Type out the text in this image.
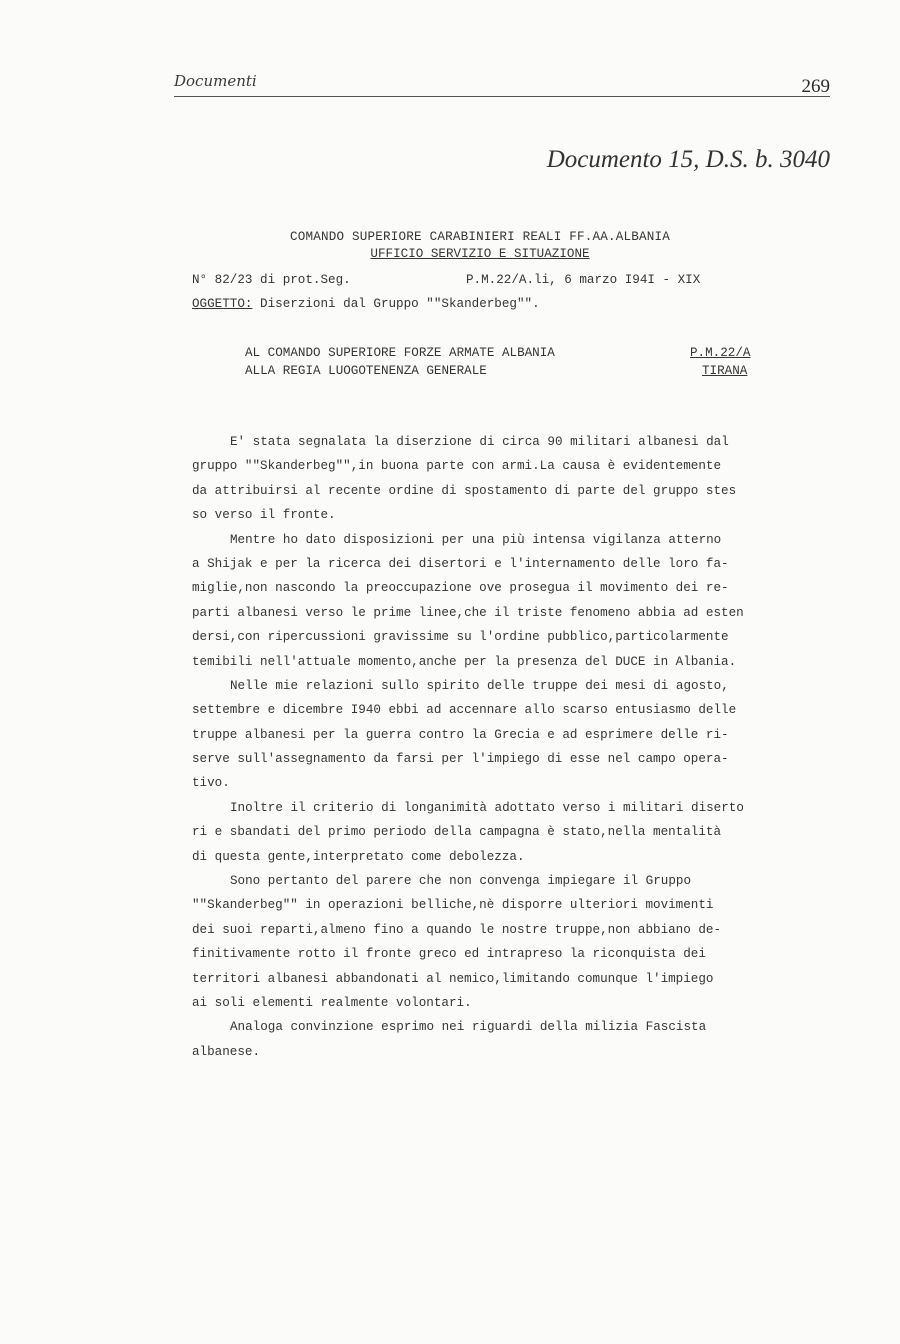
Documenti	269
Documento 15, D.S. b. 3040
COMANDO SUPERIORE CARABINIERI REALI FF.AA.ALBANIA
UFFICIO SERVIZIO E SITUAZIONE
N° 82/23 di prot.Seg.	P.M.22/A.li, 6 marzo I94I - XIX
OGGETTO: Diserzioni dal Gruppo ""Skanderbeg"".
AL COMANDO SUPERIORE FORZE ARMATE ALBANIA	P.M.22/A
ALLA REGIA LUOGOTENENZA GENERALE	TIRANA
E' stata segnalata la diserzione di circa 90 militari albanesi dal
gruppo ""Skanderbeg"",in buona parte con armi.La causa è evidentemente
da attribuirsi al recente ordine di spostamento di parte del gruppo stes
so verso il fronte.
Mentre ho dato disposizioni per una più intensa vigilanza atterno
a Shijak e per la ricerca dei disertori e l'internamento delle loro fa-
miglie,non nascondo la preoccupazione ove prosegua il movimento dei re-
parti albanesi verso le prime linee,che il triste fenomeno abbia ad esten
dersi,con ripercussioni gravissime su l'ordine pubblico,particolarmente
temibili nell'attuale momento,anche per la presenza del DUCE in Albania.
Nelle mie relazioni sullo spirito delle truppe dei mesi di agosto,
settembre e dicembre I940 ebbi ad accennare allo scarso entusiasmo delle
truppe albanesi per la guerra contro la Grecia e ad esprimere delle ri-
serve sull'assegnamento da farsi per l'impiego di esse nel campo opera-
tivo.
Inoltre il criterio di longanimità adottato verso i militari diserto
ri e sbandati del primo periodo della campagna è stato,nella mentalità
di questa gente,interpretato come debolezza.
Sono pertanto del parere che non convenga impiegare il Gruppo
""Skanderbeg"" in operazioni belliche,nè disporre ulteriori movimenti
dei suoi reparti,almeno fino a quando le nostre truppe,non abbiano de-
finitivamente rotto il fronte greco ed intrapreso la riconquista dei
territori albanesi abbandonati al nemico,limitando comunque l'impiego
ai soli elementi realmente volontari.
Analoga convinzione esprimo nei riguardi della milizia Fascista
albanese.
